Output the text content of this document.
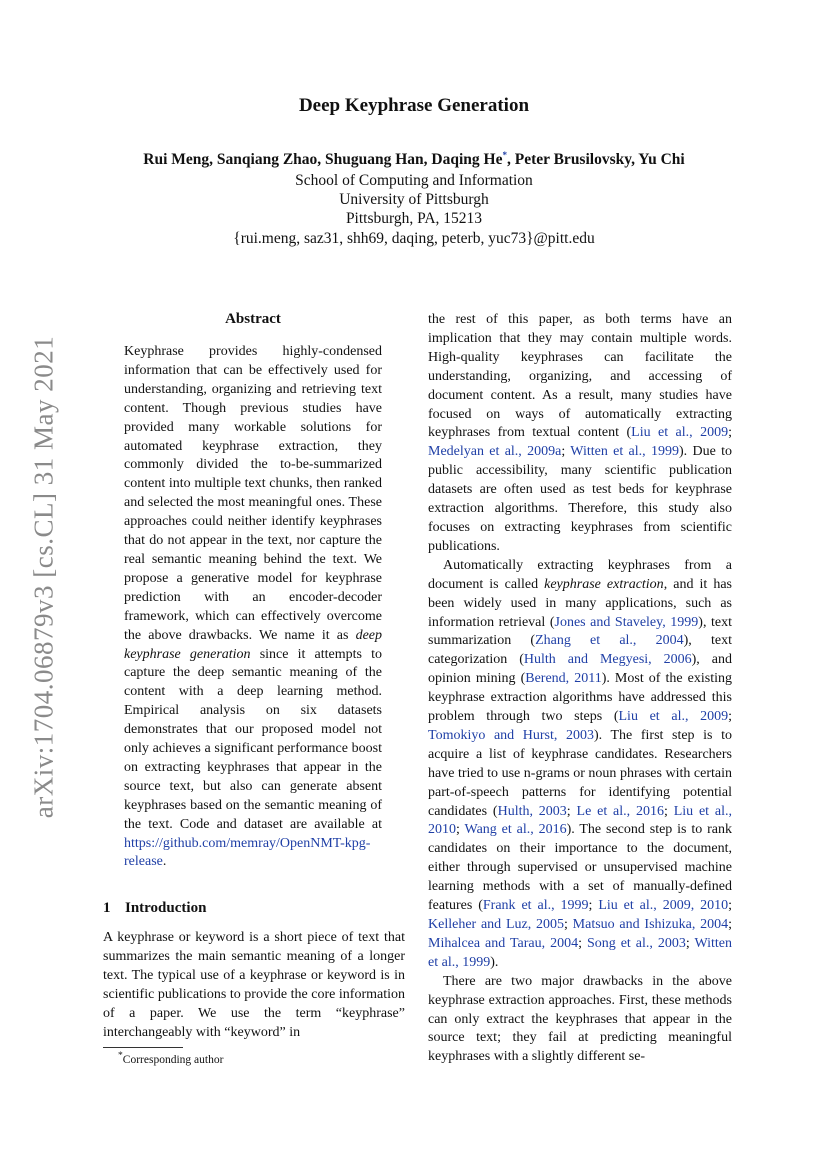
arXiv:1704.06879v3 [cs.CL] 31 May 2021
Deep Keyphrase Generation
Rui Meng, Sanqiang Zhao, Shuguang Han, Daqing He*, Peter Brusilovsky, Yu Chi
School of Computing and Information
University of Pittsburgh
Pittsburgh, PA, 15213
{rui.meng, saz31, shh69, daqing, peterb, yuc73}@pitt.edu
Abstract

Keyphrase provides highly-condensed information that can be effectively used for understanding, organizing and retrieving text content. Though previous studies have provided many workable solutions for automated keyphrase extraction, they commonly divided the to-be-summarized content into multiple text chunks, then ranked and selected the most meaningful ones. These approaches could neither identify keyphrases that do not appear in the text, nor capture the real semantic meaning behind the text. We propose a generative model for keyphrase prediction with an encoder-decoder framework, which can effectively overcome the above drawbacks. We name it as deep keyphrase generation since it attempts to capture the deep semantic meaning of the content with a deep learning method. Empirical analysis on six datasets demonstrates that our proposed model not only achieves a significant performance boost on extracting keyphrases that appear in the source text, but also can generate absent keyphrases based on the semantic meaning of the text. Code and dataset are available at https://github.com/memray/OpenNMT-kpg-release.

1 Introduction

A keyphrase or keyword is a short piece of text that summarizes the main semantic meaning of a longer text. The typical use of a keyphrase or keyword is in scientific publications to provide the core information of a paper. We use the term “keyphrase” interchangeably with “keyword” in

*Corresponding author

the rest of this paper, as both terms have an implication that they may contain multiple words. High-quality keyphrases can facilitate the understanding, organizing, and accessing of document content. As a result, many studies have focused on ways of automatically extracting keyphrases from textual content (Liu et al., 2009; Medelyan et al., 2009a; Witten et al., 1999). Due to public accessibility, many scientific publication datasets are often used as test beds for keyphrase extraction algorithms. Therefore, this study also focuses on extracting keyphrases from scientific publications.

Automatically extracting keyphrases from a document is called keyphrase extraction, and it has been widely used in many applications, such as information retrieval (Jones and Staveley, 1999), text summarization (Zhang et al., 2004), text categorization (Hulth and Megyesi, 2006), and opinion mining (Berend, 2011). Most of the existing keyphrase extraction algorithms have addressed this problem through two steps (Liu et al., 2009; Tomokiyo and Hurst, 2003). The first step is to acquire a list of keyphrase candidates. Researchers have tried to use n-grams or noun phrases with certain part-of-speech patterns for identifying potential candidates (Hulth, 2003; Le et al., 2016; Liu et al., 2010; Wang et al., 2016). The second step is to rank candidates on their importance to the document, either through supervised or unsupervised machine learning methods with a set of manually-defined features (Frank et al., 1999; Liu et al., 2009, 2010; Kelleher and Luz, 2005; Matsuo and Ishizuka, 2004; Mihalcea and Tarau, 2004; Song et al., 2003; Witten et al., 1999).

There are two major drawbacks in the above keyphrase extraction approaches. First, these methods can only extract the keyphrases that appear in the source text; they fail at predicting meaningful keyphrases with a slightly different se-
